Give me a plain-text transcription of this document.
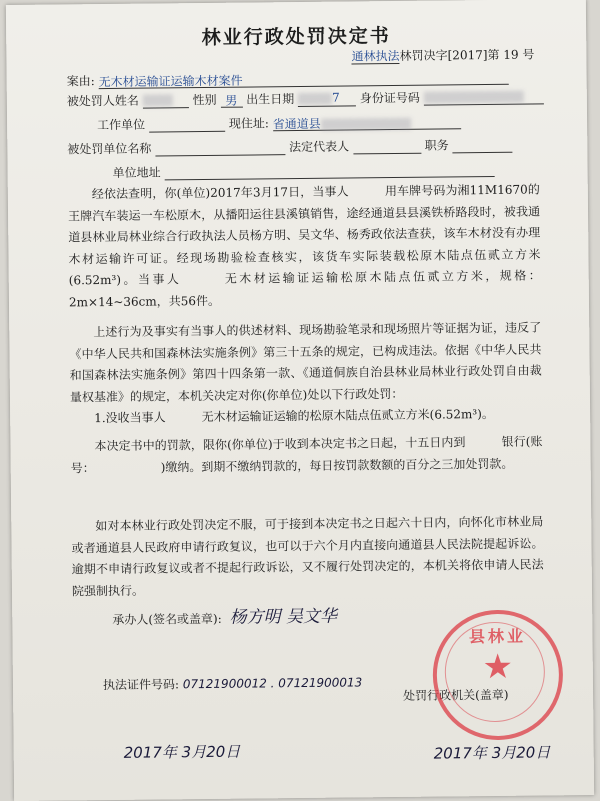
林业行政处罚决定书
通林执法林罚决字[2017]第 19 号
案由: 无木材运输证运输木材案件
被处罚人姓名	性别 男 出生日期	7 身份证号码
工作单位	现住址: 省通道县
被处罚单位名称	法定代表人	职务
单位地址
经依法查明，你(单位)2017年3月17日，当事人　　　用车牌号码为湘11M1670的王牌汽车装运一车松原木，从播阳运往县溪镇销售，途经通道县县溪铁桥路段时，被我通道县林业局林业综合行政执法人员杨方明、吴文华、杨秀政依法查获，该车木材没有办理木材运输许可证。经现场勘验检查核实，该货车实际装载松原木陆点伍贰立方米(6.52m³)。当事人　　　无木材运输证运输松原木陆点伍贰立方米，规格：2m×14~36cm，共56件。
上述行为及事实有当事人的供述材料、现场勘验笔录和现场照片等证据为证，违反了《中华人民共和国森林法实施条例》第三十五条的规定，已构成违法。依据《中华人民共和国森林法实施条例》第四十四条第一款、《通道侗族自治县林业局林业行政处罚自由裁量权基准》的规定，本机关决定对你(你单位)处以下行政处罚：
1.没收当事人　　　无木材运输证运输的松原木陆点伍贰立方米(6.52m³)。
本决定书中的罚款，限你(你单位)于收到本决定书之日起，十五日内到　　　银行(账号：　　　　　　)缴纳。到期不缴纳罚款的，每日按罚款数额的百分之三加处罚款。
如对本林业行政处罚决定不服，可于接到本决定书之日起六十日内，向怀化市林业局 或者通道县人民政府申请行政复议，也可以于六个月内直接向通道县人民法院提起诉讼。逾期不申请行政复议或者不提起行政诉讼，又不履行处罚决定的，本机关将依申请人民法院强制执行。
承办人(签名或盖章): 杨方明 吴文华
执法证件号码: 07121900012 . 07121900013
处罚行政机关(盖章)
2017年 3月20日	2017年 3月20日
县林业
★
